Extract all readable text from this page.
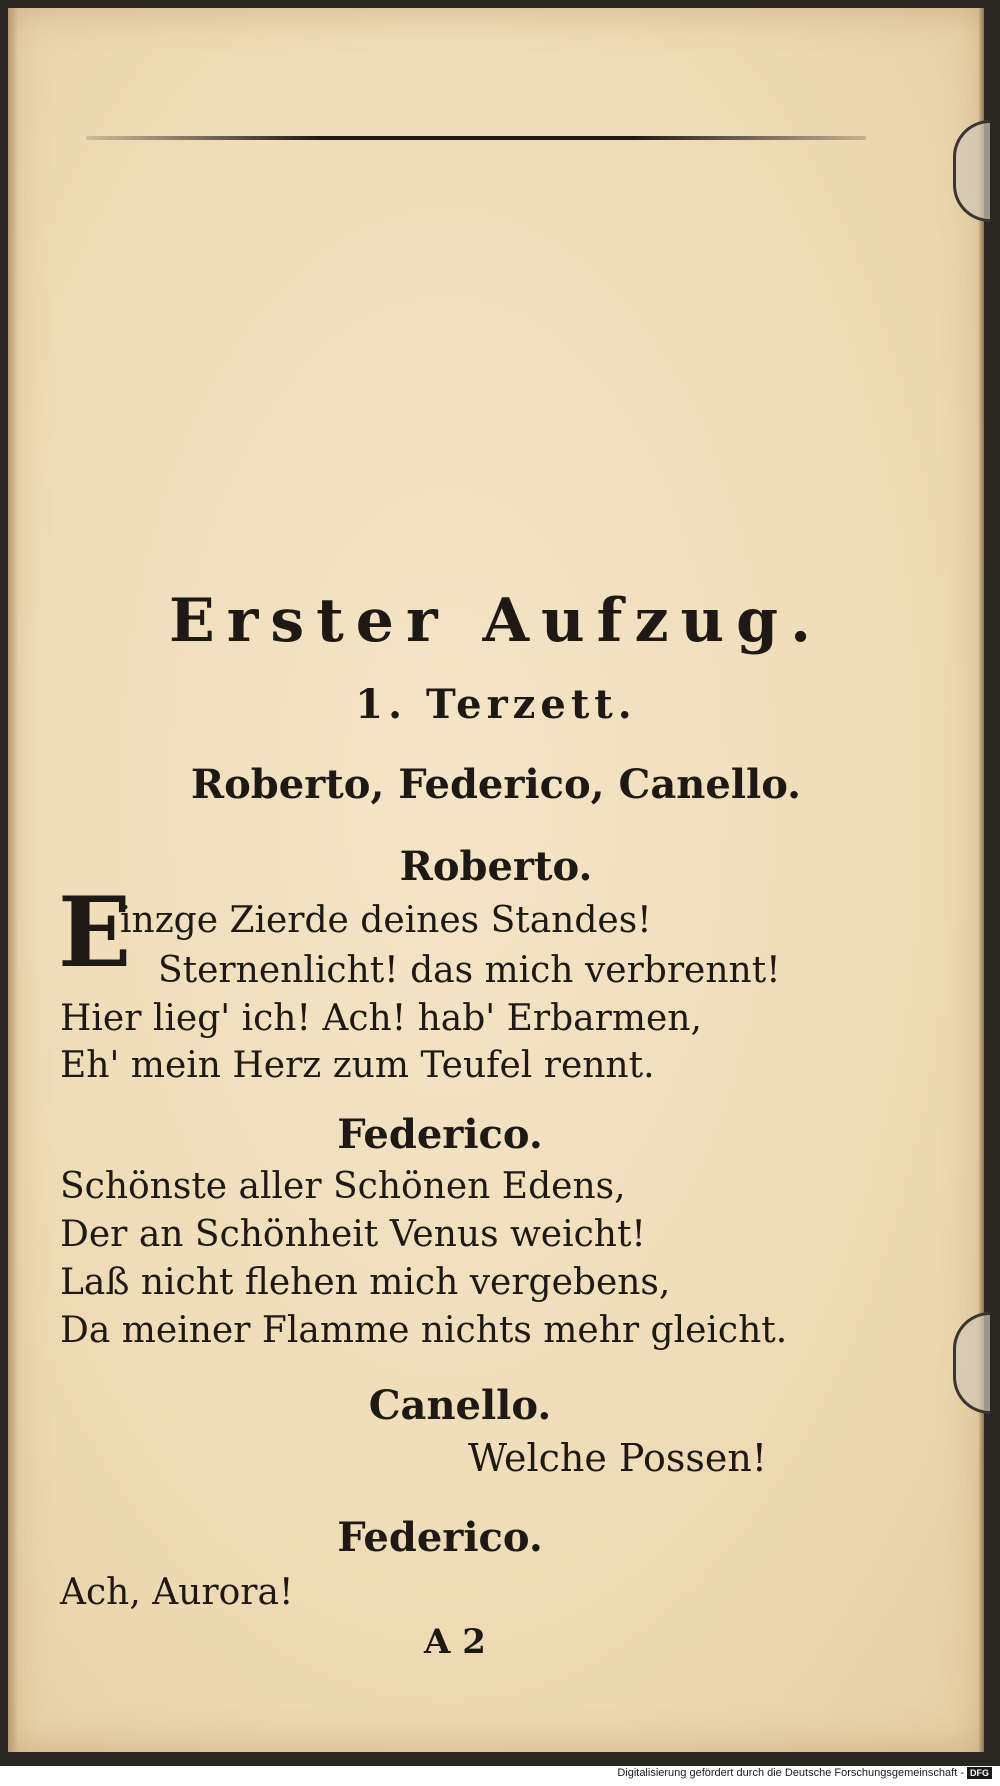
Erster Aufzug.

1. Terzett.

Roberto, Federico, Canello.

Roberto.

E

inzge Zierde deines Standes!

Sternenlicht! das mich verbrennt!

Hier lieg' ich! Ach! hab' Erbarmen,

Eh' mein Herz zum Teufel rennt.

Federico.

Schönste aller Schönen Edens,

Der an Schönheit Venus weicht!

Laß nicht flehen mich vergebens,

Da meiner Flamme nichts mehr gleicht.

Canello.

Welche Possen!

Federico.

Ach, Aurora!

A 2

Digitalisierung gefördert durch die Deutsche Forschungsgemeinschaft - DFG
